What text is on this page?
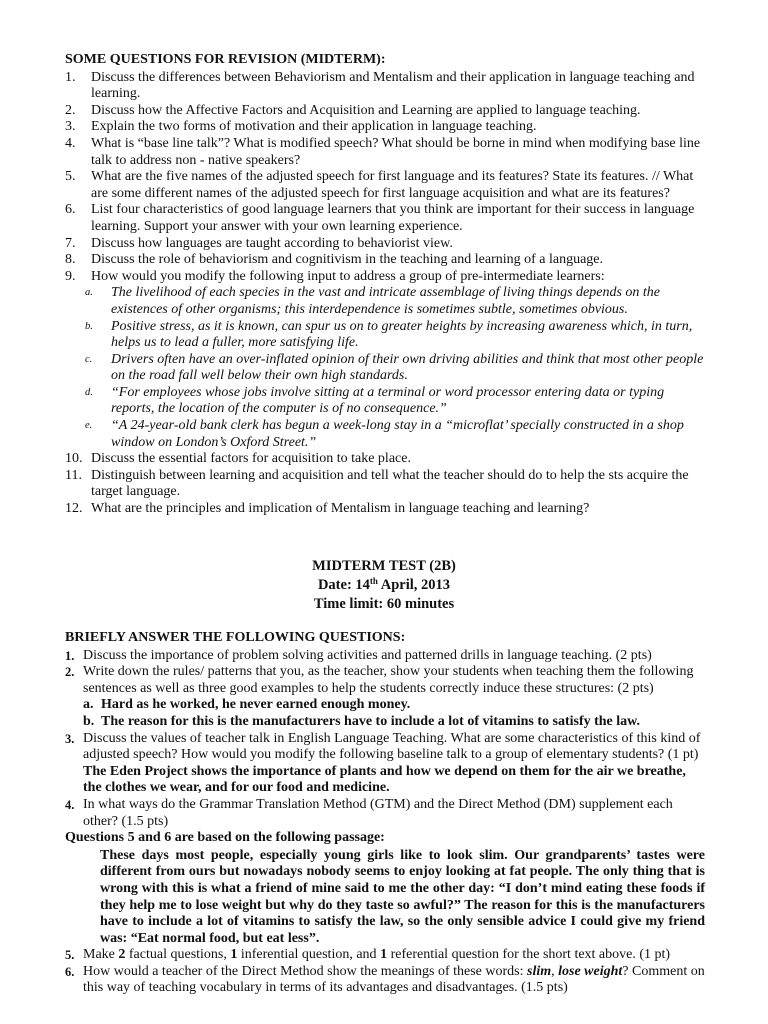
SOME QUESTIONS FOR REVISION (MIDTERM):
1.	Discuss the differences between Behaviorism and Mentalism and their application in language teaching and learning.
2.	Discuss how the Affective Factors and Acquisition and Learning are applied to language teaching.
3.	Explain the two forms of motivation and their application in language teaching.
4.	What is “base line talk”? What is modified speech? What should be borne in mind when modifying base line talk to address non - native speakers?
5.	What are the five names of the adjusted speech for first language and its features? State its features. // What are some different names of the adjusted speech for first language acquisition and what are its features?
6.	List four characteristics of good language learners that you think are important for their success in language learning. Support your answer with your own learning experience.
7.	Discuss how languages are taught according to behaviorist view.
8.	Discuss the role of behaviorism and cognitivism in the teaching and learning of a language.
9.	How would you modify the following input to address a group of pre-intermediate learners:
a.	The livelihood of each species in the vast and intricate assemblage of living things depends on the existences of other organisms; this interdependence is sometimes subtle, sometimes obvious.
b.	Positive stress, as it is known, can spur us on to greater heights by increasing awareness which, in turn, helps us to lead a fuller, more satisfying life.
c.	Drivers often have an over-inflated opinion of their own driving abilities and think that most other people on the road fall well below their own high standards.
d.	“For employees whose jobs involve sitting at a terminal or word processor entering data or typing reports, the location of the computer is of no consequence.”
e.	“A 24-year-old bank clerk has begun a week-long stay in a “microflat’ specially constructed in a shop window on London’s Oxford Street.”
10. Discuss the essential factors for acquisition to take place.
11. Distinguish between learning and acquisition and tell what the teacher should do to help the sts acquire the target language.
12. What are the principles and implication of Mentalism in language teaching and learning?
MIDTERM TEST (2B)
Date: 14th April, 2013
Time limit: 60 minutes
BRIEFLY ANSWER THE FOLLOWING QUESTIONS:
1. Discuss the importance of problem solving activities and patterned drills in language teaching. (2 pts)
2. Write down the rules/ patterns that you, as the teacher, show your students when teaching them the following sentences as well as three good examples to help the students correctly induce these structures: (2 pts)
a. Hard as he worked, he never earned enough money.
b. The reason for this is the manufacturers have to include a lot of vitamins to satisfy the law.
3. Discuss the values of teacher talk in English Language Teaching. What are some characteristics of this kind of adjusted speech? How would you modify the following baseline talk to a group of elementary students? (1 pt) The Eden Project shows the importance of plants and how we depend on them for the air we breathe, the clothes we wear, and for our food and medicine.
4. In what ways do the Grammar Translation Method (GTM) and the Direct Method (DM) supplement each other? (1.5 pts)
Questions 5 and 6 are based on the following passage:
These days most people, especially young girls like to look slim. Our grandparents’ tastes were different from ours but nowadays nobody seems to enjoy looking at fat people. The only thing that is wrong with this is what a friend of mine said to me the other day: “I don’t mind eating these foods if they help me to lose weight but why do they taste so awful?” The reason for this is the manufacturers have to include a lot of vitamins to satisfy the law, so the only sensible advice I could give my friend was: “Eat normal food, but eat less”.
5. Make 2 factual questions, 1 inferential question, and 1 referential question for the short text above. (1 pt)
6. How would a teacher of the Direct Method show the meanings of these words: slim, lose weight? Comment on this way of teaching vocabulary in terms of its advantages and disadvantages. (1.5 pts)
